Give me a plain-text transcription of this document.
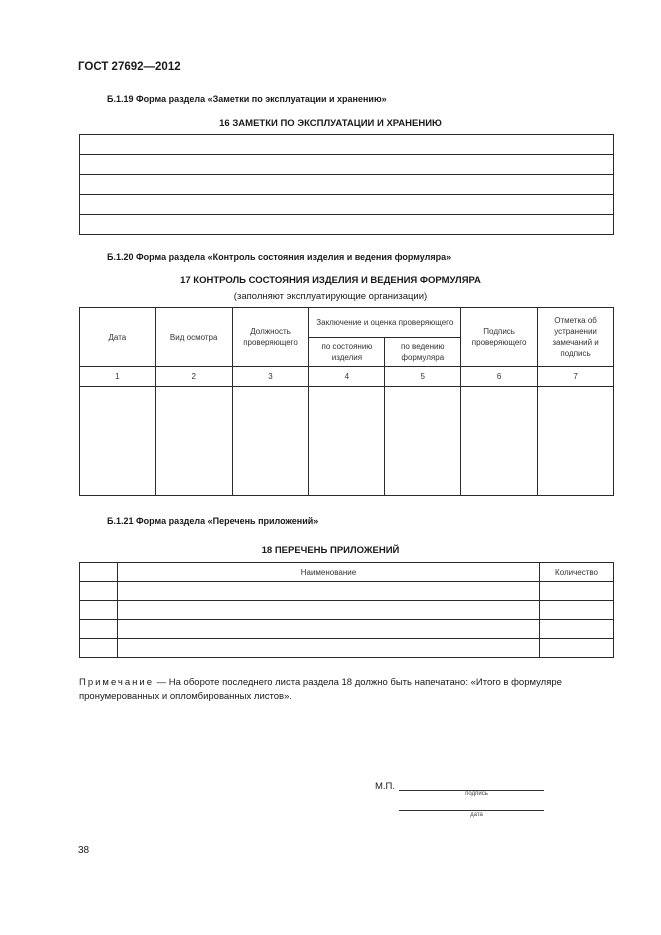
ГОСТ 27692—2012
Б.1.19 Форма раздела «Заметки по эксплуатации и хранению»
16 ЗАМЕТКИ ПО ЭКСПЛУАТАЦИИ И ХРАНЕНИЮ

Б.1.20 Форма раздела «Контроль состояния изделия и ведения формуляра»
17 КОНТРОЛЬ СОСТОЯНИЯ ИЗДЕЛИЯ И ВЕДЕНИЯ ФОРМУЛЯРА
(заполняют эксплуатирующие организации)
Дата	Вид осмотра	Должность проверяющего	Заключение и оценка проверяющего		Подпись проверяющего	Отметка об устранении замечаний и подпись
			по состоянию изделия	по ведению формуляра		
1	2	3	4	5	6	7

Б.1.21 Форма раздела «Перечень приложений»
18 ПЕРЕЧЕНЬ ПРИЛОЖЕНИЙ
	Наименование	Количество

Примечание — На обороте последнего листа раздела 18 должно быть напечатано: «Итого в формуляре пронумерованных и опломбированных листов».
М.П.
подпись
дата
38
